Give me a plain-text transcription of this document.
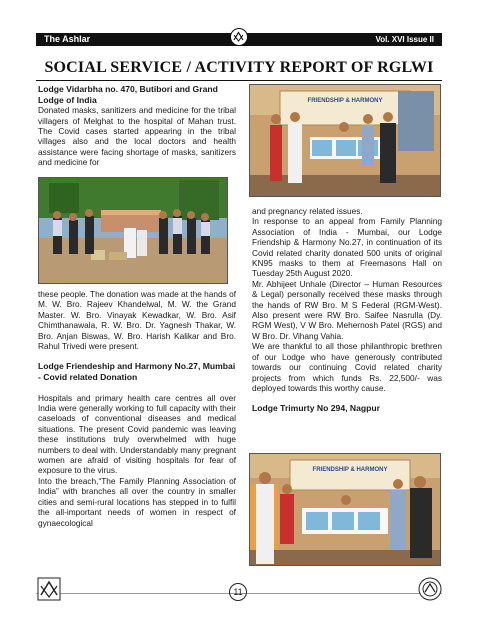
The Ashlar	Vol. XVI Issue II
SOCIAL SERVICE / ACTIVITY REPORT OF RGLWI

Lodge Vidarbha no. 470, Butibori and Grand Lodge of India

Donated masks, sanitizers and medicine for the tribal villagers of Melghat to the hospital of Mahan trust. The Covid cases started appearing in the tribal villages also and the local doctors and health assistance were facing shortage of masks, sanitizers and medicine for

these people. The donation was made at the hands of M. W. Bro. Rajeev Khandelwal, M. W. the Grand Master. W. Bro. Vinayak Kewadkar, W. Bro. Asif Chimthanawala, R. W. Bro. Dr. Yagnesh Thakar, W. Bro. Anjan Biswas, W. Bro. Harish Kalikar and Bro. Rahul Trivedi were present.

Lodge Friendeship and Harmony No.27, Mumbai - Covid related Donation

Hospitals and primary health care centres all over India were generally working to full capacity with their caseloads of conventional diseases and medical situations. The present Covid pandemic was leaving these institutions truly overwhelmed with huge numbers to deal with. Understandably many pregnant women are afraid of visiting hospitals for fear of exposure to the virus.

Into the breach,“The Family Planning Association of India” with branches all over the country in smaller cities and semi-rural locations has stepped in to fulfil the all-important needs of women in respect of gynaecological

FRIENDSHIP & HARMONY

and pregnancy related issues.

In response to an appeal from Family Planning Association of India - Mumbai, our Lodge Friendship & Harmony No.27, in continuation of its Covid related charity donated 500 units of original KN95 masks to them at Freemasons Hall on Tuesday 25th August 2020.

Mr. Abhijeet Unhale (Director – Human Resources & Legal) personally received these masks through the hands of RW Bro. M S Federal (RGM-West). Also present were RW Bro. Saifee Nasrulla (Dy. RGM West), V W Bro. Mehernosh Patel (RGS) and W Bro. Dr. Vihang Vahia.

We are thankful to all those philanthropic brethren of our Lodge who have generously contributed towards our continuing Covid related charity projects from which funds Rs. 22,500/- was deployed towards this worthy cause.

Lodge Trimurty No 294, Nagpur

FRIENDSHIP & HARMONY
11
